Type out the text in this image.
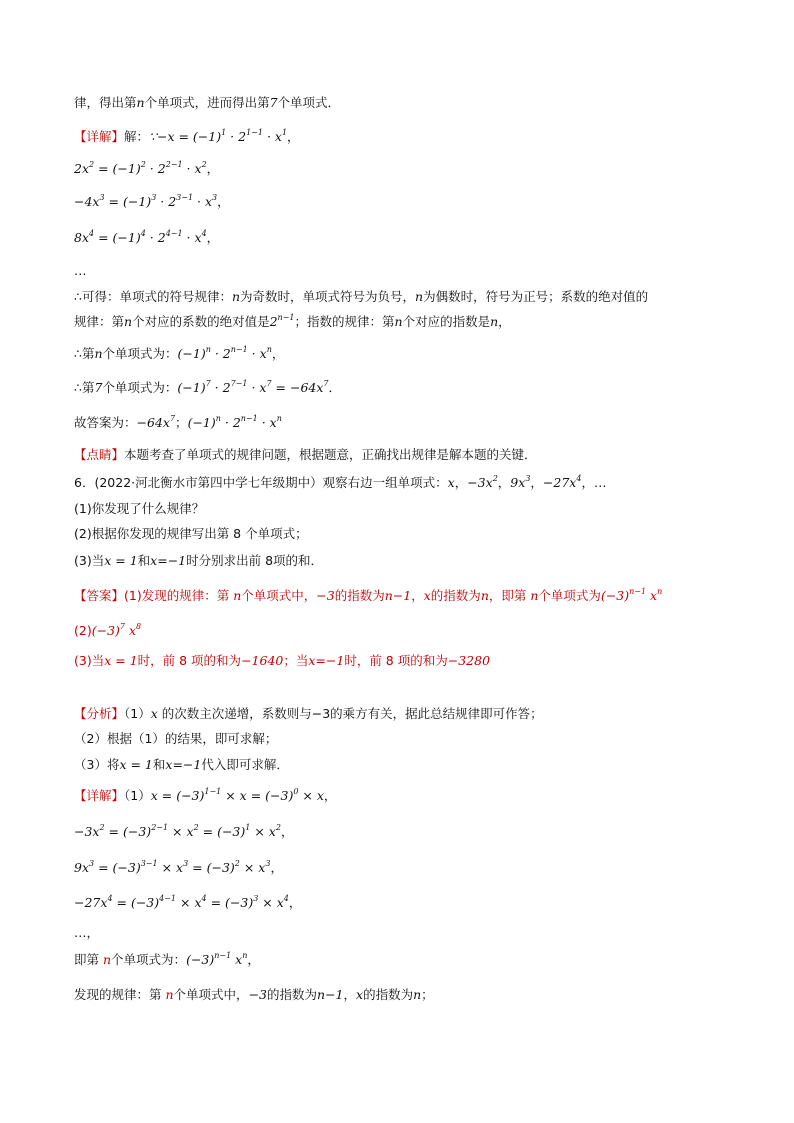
律，得出第n个单项式，进而得出第7个单项式．
【详解】解：∵−x = $(-1)^1 \cdot 2^{1-1} \cdot x^1$，
$2x^2 = (-1)^2 \cdot 2^{2-1} \cdot x^2$，
$-4x^3 = (-1)^3 \cdot 2^{3-1} \cdot x^3$，
$8x^4 = (-1)^4 \cdot 2^{4-1} \cdot x^4$，
…
∴可得：单项式的符号规律：n为奇数时，单项式符号为负号，n为偶数时，符号为正号；系数的绝对值的
规律：第n个对应的系数的绝对值是$2^{n-1}$；指数的规律：第n个对应的指数是n，
∴第n个单项式为：$(-1)^n \cdot 2^{n-1} \cdot x^n$，
∴第7个单项式为：$(-1)^7 \cdot 2^{7-1} \cdot x^7 = -64x^7$．
故答案为：$-64x^7$；$(-1)^n \cdot 2^{n-1} \cdot x^n$
【点睛】本题考查了单项式的规律问题，根据题意，正确找出规律是解本题的关键．
6．(2022·河北衡水市第四中学七年级期中）观察右边一组单项式：x，$-3x^2$，$9x^3$，$-27x^4$，…
(1)你发现了什么规律？
(2)根据你发现的规律写出第 8 个单项式；
(3)当x = 1和x=−1时分别求出前 8项的和．
【答案】(1)发现的规律：第 n个单项式中，−3的指数为n−1，x的指数为n，即第 n个单项式为$(-3)^{n-1}$ $x^n$
$(2)(-3)^7$ $x^8$
(3)当x = 1时，前 8 项的和为−1640；当x=−1时，前 8 项的和为−3280
【分析】（1）x 的次数主次递增，系数则与−3的乘方有关，据此总结规律即可作答；
（2）根据（1）的结果，即可求解；
（3）将x = 1和x=−1代入即可求解．
【详解】$(1)x = (-3)^{1-1} \times x = (-3)^0 \times x$，
$-3x^2 = (-3)^{2-1} \times x^2 = (-3)^1 \times x^2$，
$9x^3 = (-3)^{3-1} \times x^3 = (-3)^2 \times x^3$，
$-27x^4 = (-3)^{4-1} \times x^4 = (-3)^3 \times x^4$，
…，
即第 n个单项式为：$(-3)^{n-1}$ $x^n$，
发现的规律：第 n个单项式中，−3的指数为n−1，x的指数为n；
